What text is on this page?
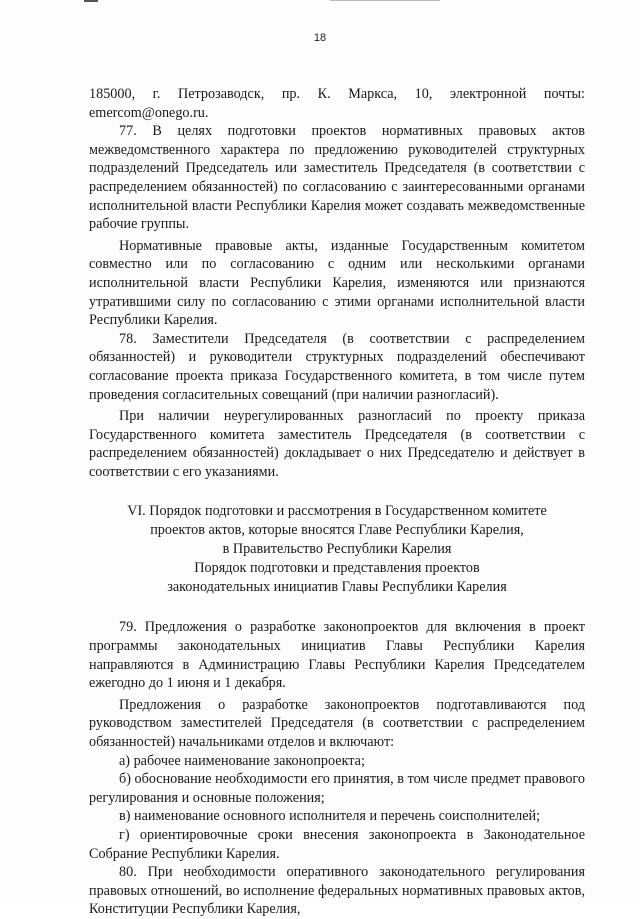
18

185000, г. Петрозаводск, пр. К. Маркса, 10, электронной почты: emercom@onego.ru.

77. В целях подготовки проектов нормативных правовых актов межведомственного характера по предложению руководителей структурных подразделений Председатель или заместитель Председателя (в соответствии с распределением обязанностей) по согласованию с заинтересованными органами исполнительной власти Республики Карелия может создавать межведомственные рабочие группы.

Нормативные правовые акты, изданные Государственным комитетом совместно или по согласованию с одним или несколькими органами исполнительной власти Республики Карелия, изменяются или признаются утратившими силу по согласованию с этими органами исполнительной власти Республики Карелия.

78. Заместители Председателя (в соответствии с распределением обязанностей) и руководители структурных подразделений обеспечивают согласование проекта приказа Государственного комитета, в том числе путем проведения согласительных совещаний (при наличии разногласий).

При наличии неурегулированных разногласий по проекту приказа Государственного комитета заместитель Председателя (в соответствии с распределением обязанностей) докладывает о них Председателю и действует в соответствии с его указаниями.

VI. Порядок подготовки и рассмотрения в Государственном комитете
проектов актов, которые вносятся Главе Республики Карелия,
в Правительство Республики Карелия
Порядок подготовки и представления проектов
законодательных инициатив Главы Республики Карелия

79. Предложения о разработке законопроектов для включения в проект программы законодательных инициатив Главы Республики Карелия направляются в Администрацию Главы Республики Карелия Председателем ежегодно до 1 июня и 1 декабря.

Предложения о разработке законопроектов подготавливаются под руководством заместителей Председателя (в соответствии с распределением обязанностей) начальниками отделов и включают:

а) рабочее наименование законопроекта;

б) обоснование необходимости его принятия, в том числе предмет правового регулирования и основные положения;

в) наименование основного исполнителя и перечень соисполнителей;

г) ориентировочные сроки внесения законопроекта в Законодательное Собрание Республики Карелия.

80. При необходимости оперативного законодательного регулирования правовых отношений, во исполнение федеральных нормативных правовых актов, Конституции Республики Карелия,
